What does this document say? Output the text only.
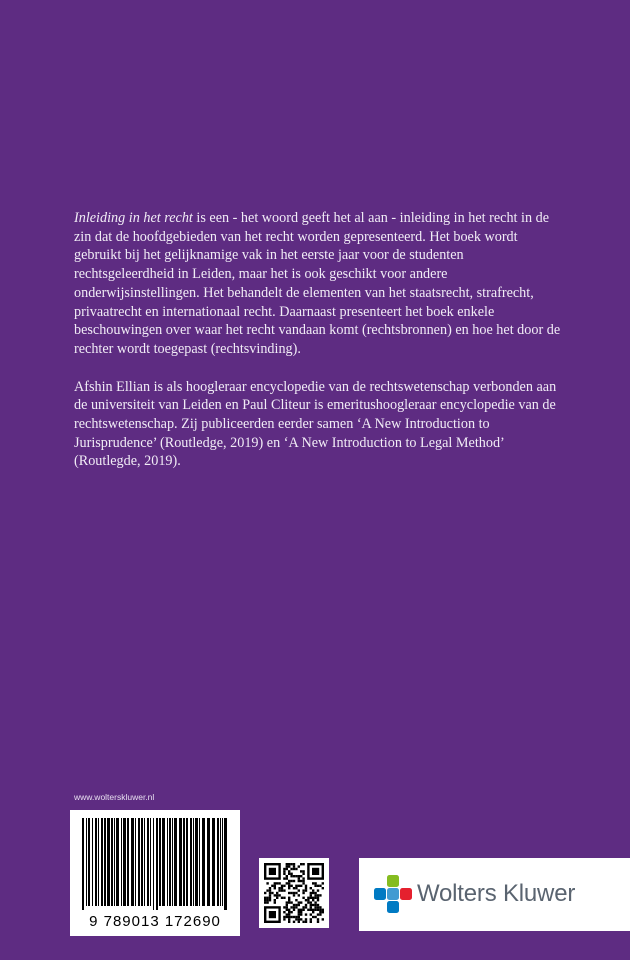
Inleiding in het recht is een - het woord geeft het al aan - inleiding in het recht in de zin dat de hoofdgebieden van het recht worden gepresenteerd. Het boek wordt gebruikt bij het gelijknamige vak in het eerste jaar voor de studenten rechtsgeleerdheid in Leiden, maar het is ook geschikt voor andere onderwijsinstellingen. Het behandelt de elementen van het staatsrecht, strafrecht, privaatrecht en internationaal recht. Daarnaast presenteert het boek enkele beschouwingen over waar het recht vandaan komt (rechtsbronnen) en hoe het door de rechter wordt toegepast (rechtsvinding).

Afshin Ellian is als hoogleraar encyclopedie van de rechtswetenschap verbonden aan de universiteit van Leiden en Paul Cliteur is emeritushoogleraar encyclopedie van de rechtswetenschap. Zij publiceerden eerder samen ‘A New Introduction to Jurisprudence’ (Routledge, 2019) en ‘A New Introduction to Legal Method’ (Routlegde, 2019).

www.wolterskluwer.nl
9 789013 172690
Wolters Kluwer
